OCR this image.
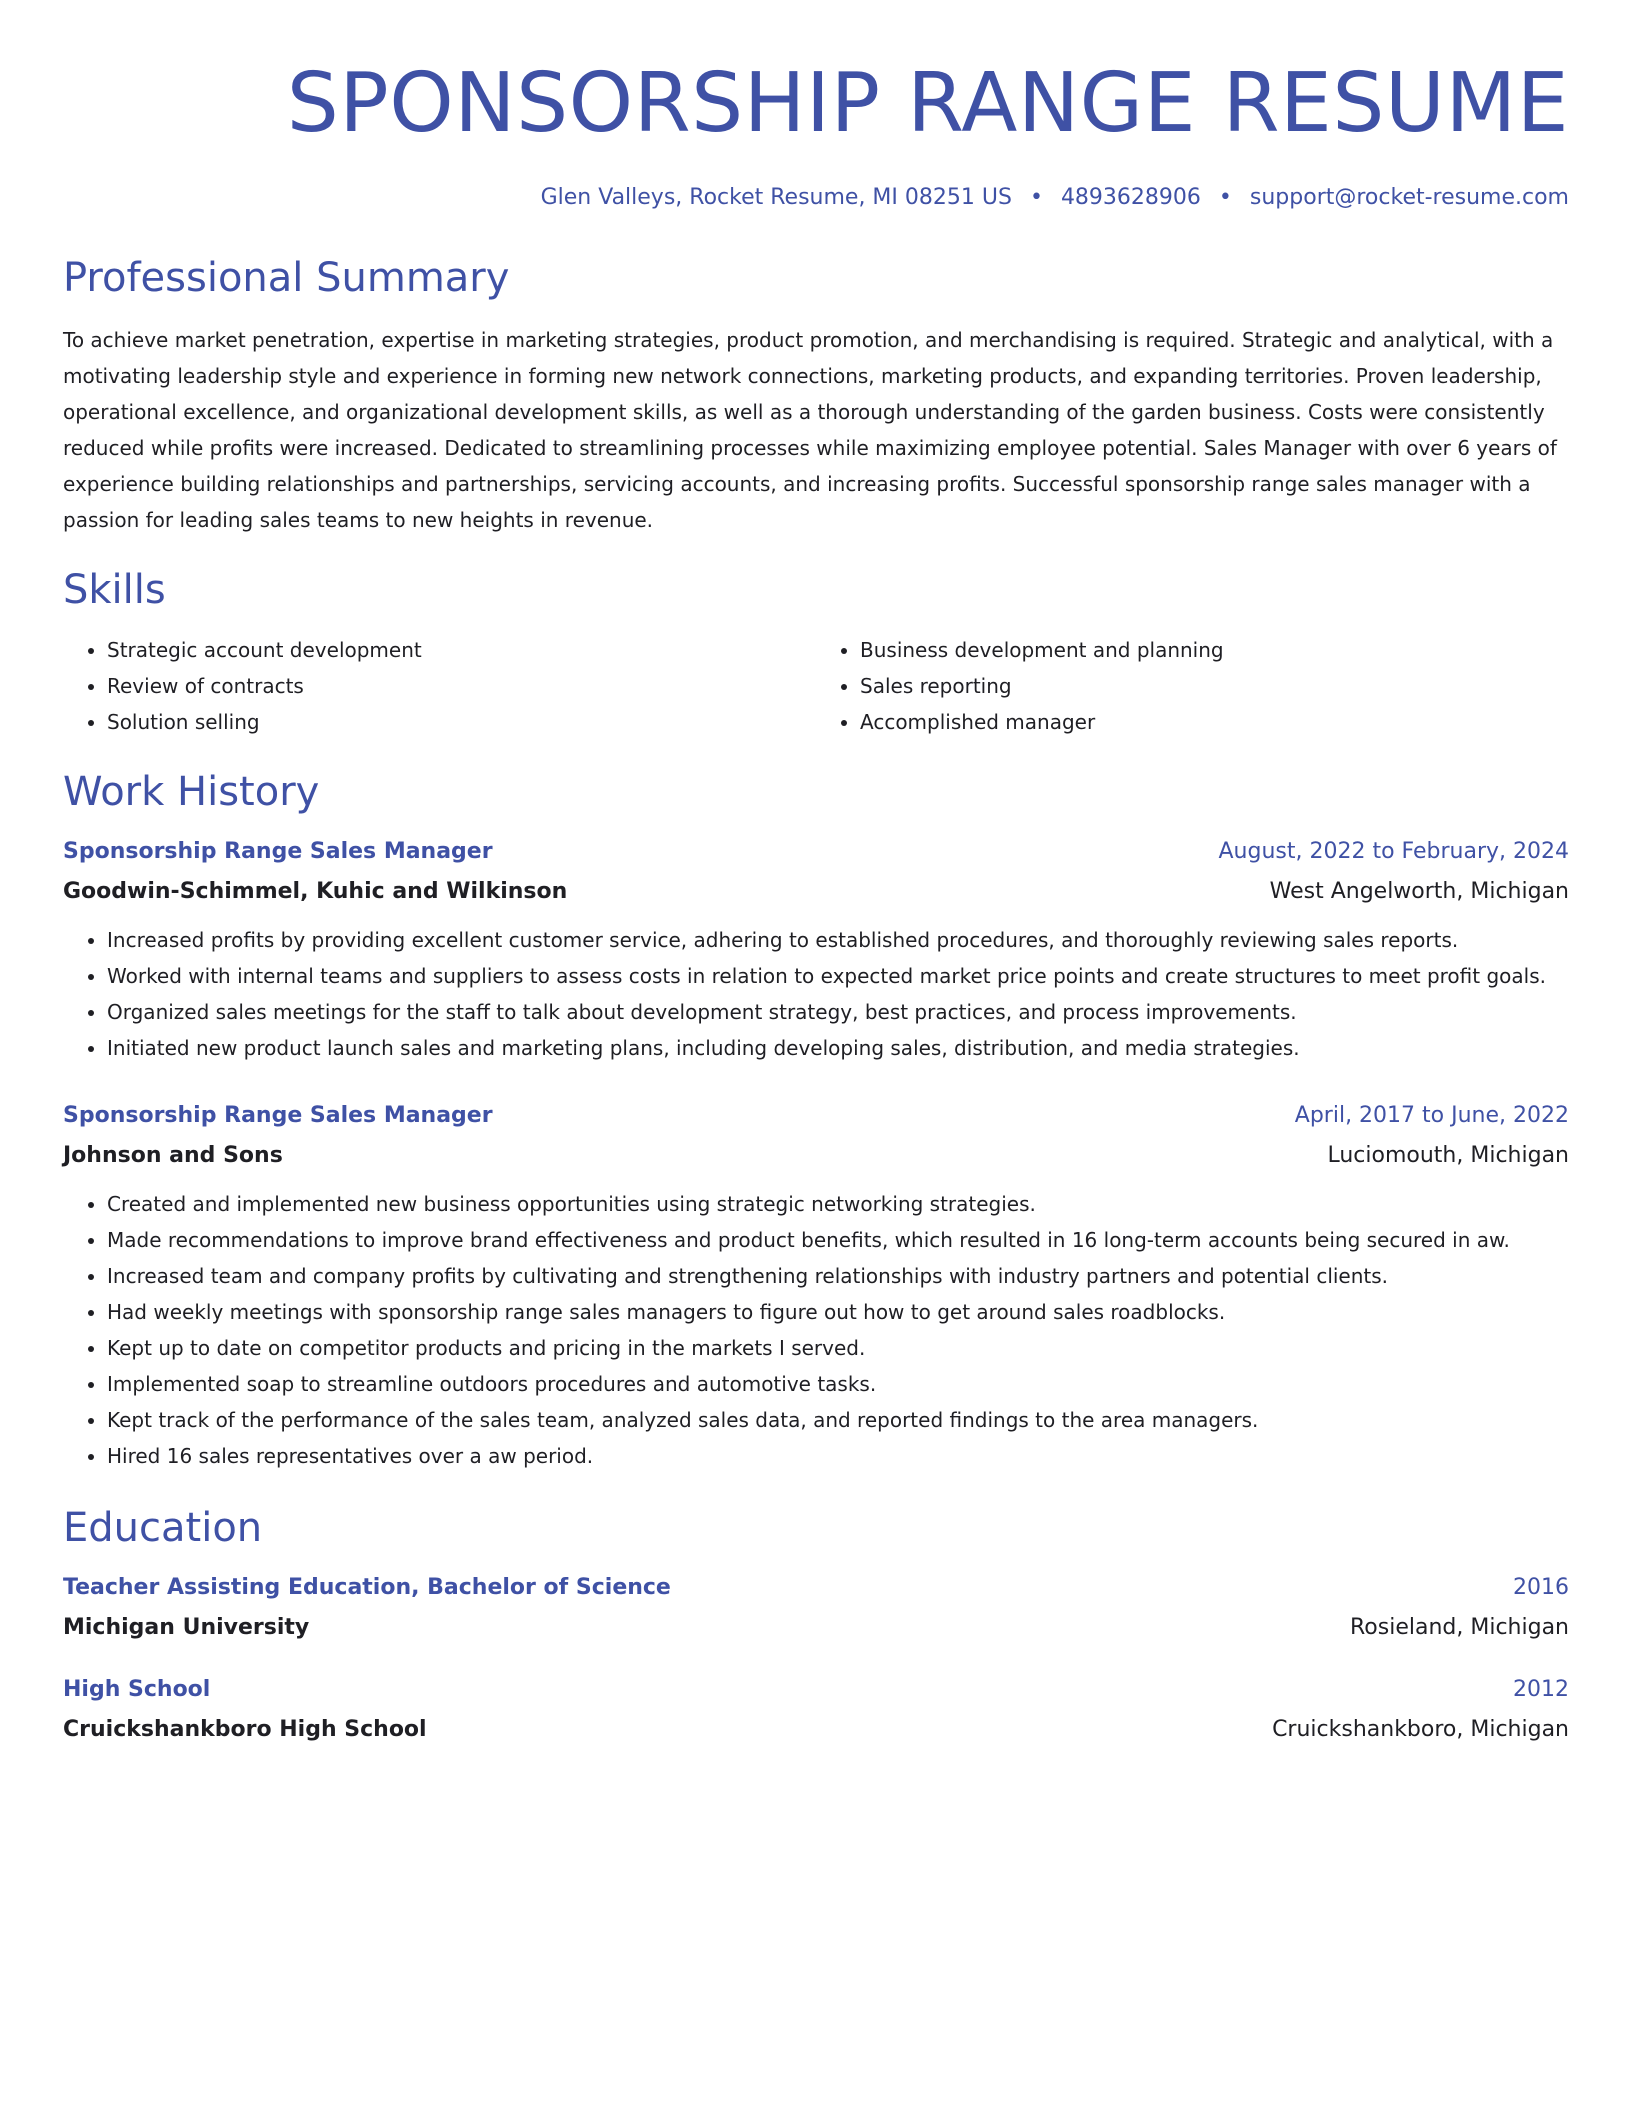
SPONSORSHIP RANGE RESUME
Glen Valleys, Rocket Resume, MI 08251 US • 4893628906 • support@rocket-resume.com
Professional Summary
To achieve market penetration, expertise in marketing strategies, product promotion, and merchandising is required. Strategic and analytical, with a motivating leadership style and experience in forming new network connections, marketing products, and expanding territories. Proven leadership, operational excellence, and organizational development skills, as well as a thorough understanding of the garden business. Costs were consistently reduced while profits were increased. Dedicated to streamlining processes while maximizing employee potential. Sales Manager with over 6 years of experience building relationships and partnerships, servicing accounts, and increasing profits. Successful sponsorship range sales manager with a passion for leading sales teams to new heights in revenue.
Skills
• Strategic account development
• Review of contracts
• Solution selling
• Business development and planning
• Sales reporting
• Accomplished manager
Work History
Sponsorship Range Sales Manager	August, 2022 to February, 2024
Goodwin-Schimmel, Kuhic and Wilkinson	West Angelworth, Michigan
• Increased profits by providing excellent customer service, adhering to established procedures, and thoroughly reviewing sales reports.
• Worked with internal teams and suppliers to assess costs in relation to expected market price points and create structures to meet profit goals.
• Organized sales meetings for the staff to talk about development strategy, best practices, and process improvements.
• Initiated new product launch sales and marketing plans, including developing sales, distribution, and media strategies.
Sponsorship Range Sales Manager	April, 2017 to June, 2022
Johnson and Sons	Luciomouth, Michigan
• Created and implemented new business opportunities using strategic networking strategies.
• Made recommendations to improve brand effectiveness and product benefits, which resulted in 16 long-term accounts being secured in aw.
• Increased team and company profits by cultivating and strengthening relationships with industry partners and potential clients.
• Had weekly meetings with sponsorship range sales managers to figure out how to get around sales roadblocks.
• Kept up to date on competitor products and pricing in the markets I served.
• Implemented soap to streamline outdoors procedures and automotive tasks.
• Kept track of the performance of the sales team, analyzed sales data, and reported findings to the area managers.
• Hired 16 sales representatives over a aw period.
Education
Teacher Assisting Education, Bachelor of Science	2016
Michigan University	Rosieland, Michigan
High School	2012
Cruickshankboro High School	Cruickshankboro, Michigan
